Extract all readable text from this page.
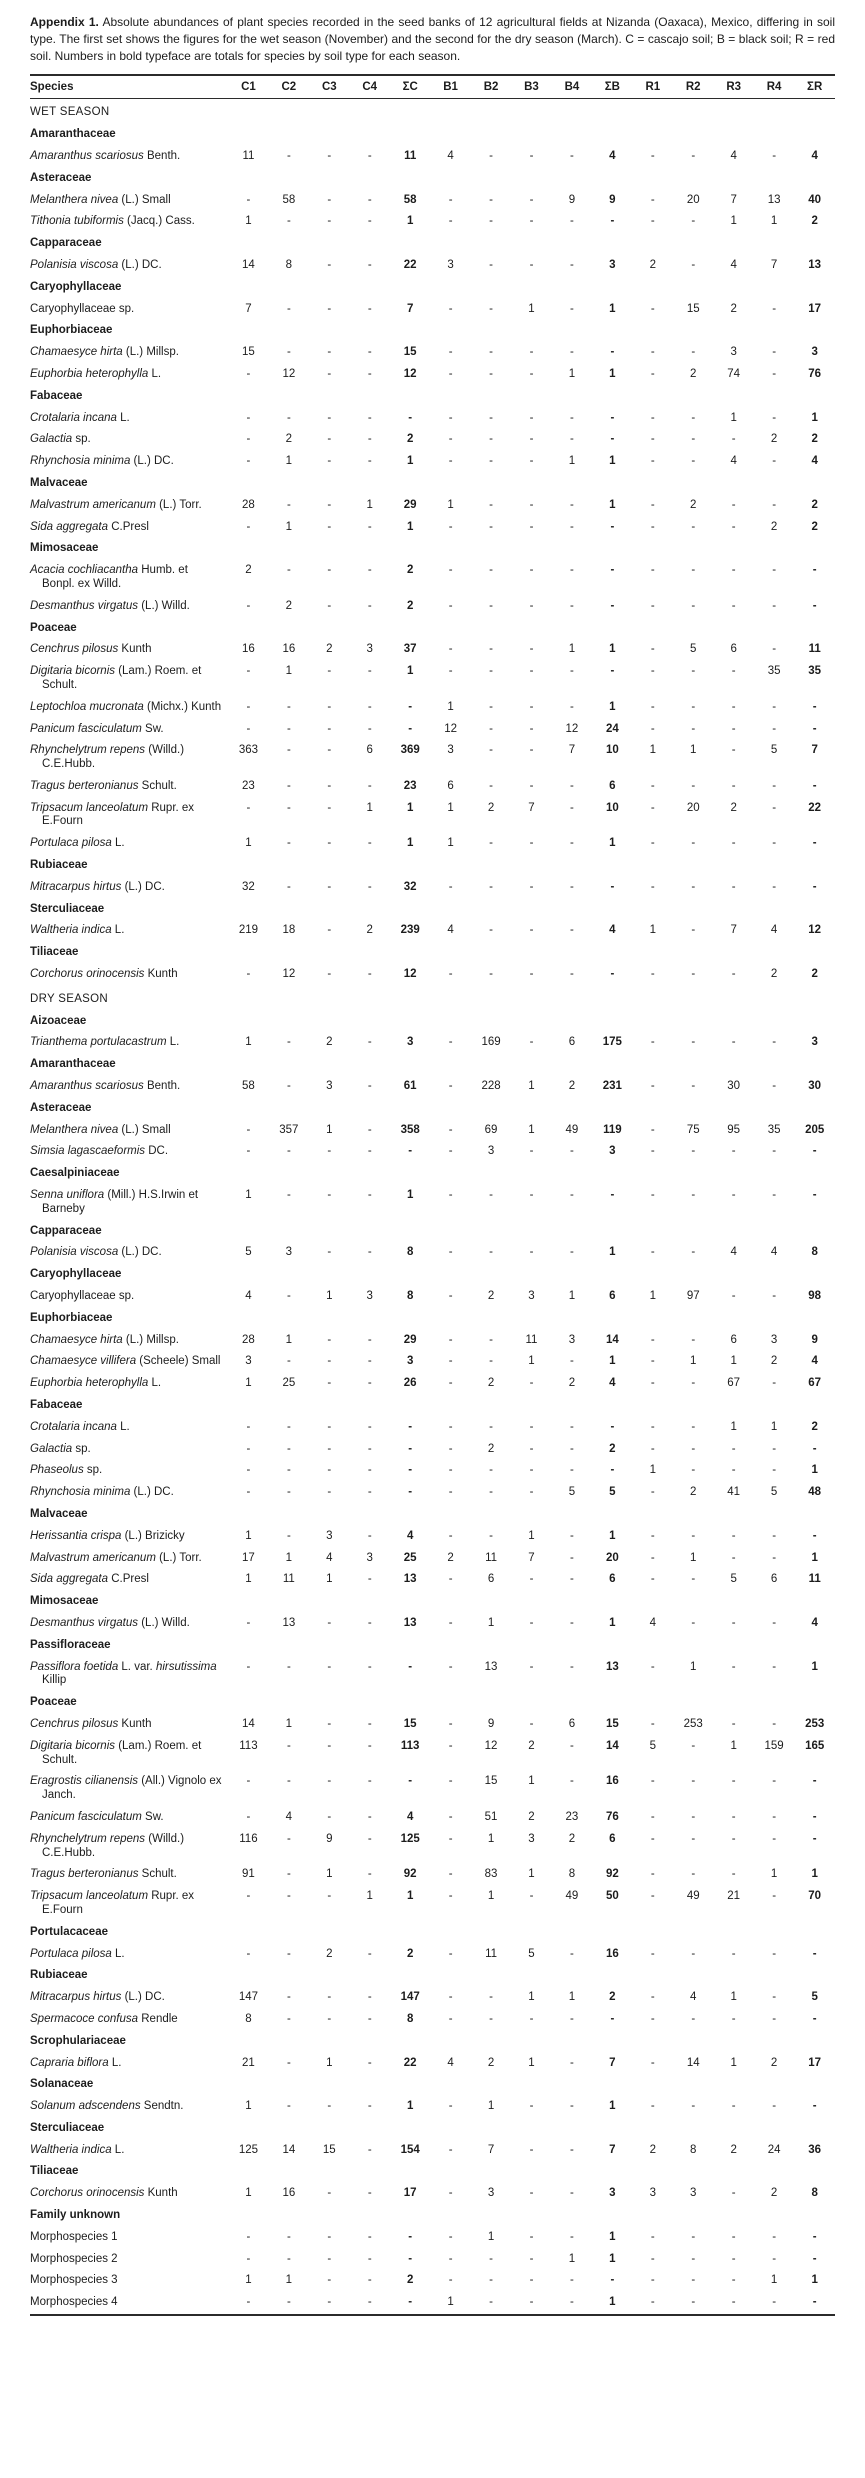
Appendix 1. Absolute abundances of plant species recorded in the seed banks of 12 agricultural fields at Nizanda (Oaxaca), Mexico, differing in soil type. The first set shows the figures for the wet season (November) and the second for the dry season (March). C = cascajo soil; B = black soil; R = red soil. Numbers in bold typeface are totals for species by soil type for each season.

Species	C1	C2	C3	C4	ΣC	B1	B2	B3	B4	ΣB	R1	R2	R3	R4	ΣR
WET SEASON															
Amaranthaceae															
Amaranthus scariosus Benth.	11	-	-	-	11	4	-	-	-	4	-	-	4	-	4
Asteraceae															
Melanthera nivea (L.) Small	-	58	-	-	58	-	-	-	9	9	-	20	7	13	40
Tithonia tubiformis (Jacq.) Cass.	1	-	-	-	1	-	-	-	-	-	-	-	1	1	2
Capparaceae															
Polanisia viscosa (L.) DC.	14	8	-	-	22	3	-	-	-	3	2	-	4	7	13
Caryophyllaceae															
Caryophyllaceae sp.	7	-	-	-	7	-	-	1	-	1	-	15	2	-	17
Euphorbiaceae															
Chamaesyce hirta (L.) Millsp.	15	-	-	-	15	-	-	-	-	-	-	-	3	-	3
Euphorbia heterophylla L.	-	12	-	-	12	-	-	-	1	1	-	2	74	-	76
Fabaceae															
Crotalaria incana L.	-	-	-	-	-	-	-	-	-	-	-	-	1	-	1
Galactia sp.	-	2	-	-	2	-	-	-	-	-	-	-	-	2	2
Rhynchosia minima (L.) DC.	-	1	-	-	1	-	-	-	1	1	-	-	4	-	4
Malvaceae															
Malvastrum americanum (L.) Torr.	28	-	-	1	29	1	-	-	-	1	-	2	-	-	2
Sida aggregata C.Presl	-	1	-	-	1	-	-	-	-	-	-	-	-	2	2
Mimosaceae															
Acacia cochliacantha Humb. et Bonpl. ex Willd.	2	-	-	-	2	-	-	-	-	-	-	-	-	-	-
Desmanthus virgatus (L.) Willd.	-	2	-	-	2	-	-	-	-	-	-	-	-	-	-
Poaceae															
Cenchrus pilosus Kunth	16	16	2	3	37	-	-	-	1	1	-	5	6	-	11
Digitaria bicornis (Lam.) Roem. et Schult.	-	1	-	-	1	-	-	-	-	-	-	-	-	35	35
Leptochloa mucronata (Michx.) Kunth	-	-	-	-	-	1	-	-	-	1	-	-	-	-	-
Panicum fasciculatum Sw.	-	-	-	-	-	12	-	-	12	24	-	-	-	-	-
Rhynchelytrum repens (Willd.) C.E.Hubb.	363	-	-	6	369	3	-	-	7	10	1	1	-	5	7
Tragus berteronianus Schult.	23	-	-	-	23	6	-	-	-	6	-	-	-	-	-
Tripsacum lanceolatum Rupr. ex E.Fourn	-	-	-	1	1	1	2	7	-	10	-	20	2	-	22
Portulaca pilosa L.	1	-	-	-	1	1	-	-	-	1	-	-	-	-	-
Rubiaceae															
Mitracarpus hirtus (L.) DC.	32	-	-	-	32	-	-	-	-	-	-	-	-	-	-
Sterculiaceae															
Waltheria indica L.	219	18	-	2	239	4	-	-	-	4	1	-	7	4	12
Tiliaceae															
Corchorus orinocensis Kunth	-	12	-	-	12	-	-	-	-	-	-	-	-	2	2
DRY SEASON															
Aizoaceae															
Trianthema portulacastrum L.	1	-	2	-	3	-	169	-	6	175	-	-	-	-	3
Amaranthaceae															
Amaranthus scariosus Benth.	58	-	3	-	61	-	228	1	2	231	-	-	30	-	30
Asteraceae															
Melanthera nivea (L.) Small	-	357	1	-	358	-	69	1	49	119	-	75	95	35	205
Simsia lagascaeformis DC.	-	-	-	-	-	-	3	-	-	3	-	-	-	-	-
Caesalpiniaceae															
Senna uniflora (Mill.) H.S.Irwin et Barneby	1	-	-	-	1	-	-	-	-	-	-	-	-	-	-
Capparaceae															
Polanisia viscosa (L.) DC.	5	3	-	-	8	-	-	-	-	1	-	-	4	4	8
Caryophyllaceae															
Caryophyllaceae sp.	4	-	1	3	8	-	2	3	1	6	1	97	-	-	98
Euphorbiaceae															
Chamaesyce hirta (L.) Millsp.	28	1	-	-	29	-	-	11	3	14	-	-	6	3	9
Chamaesyce villifera (Scheele) Small	3	-	-	-	3	-	-	1	-	1	-	1	1	2	4
Euphorbia heterophylla L.	1	25	-	-	26	-	2	-	2	4	-	-	67	-	67
Fabaceae															
Crotalaria incana L.	-	-	-	-	-	-	-	-	-	-	-	-	1	1	2
Galactia sp.	-	-	-	-	-	-	2	-	-	2	-	-	-	-	-
Phaseolus sp.	-	-	-	-	-	-	-	-	-	-	1	-	-	-	1
Rhynchosia minima (L.) DC.	-	-	-	-	-	-	-	-	5	5	-	2	41	5	48
Malvaceae															
Herissantia crispa (L.) Brizicky	1	-	3	-	4	-	-	1	-	1	-	-	-	-	-
Malvastrum americanum (L.) Torr.	17	1	4	3	25	2	11	7	-	20	-	1	-	-	1
Sida aggregata C.Presl	1	11	1	-	13	-	6	-	-	6	-	-	5	6	11
Mimosaceae															
Desmanthus virgatus (L.) Willd.	-	13	-	-	13	-	1	-	-	1	4	-	-	-	4
Passifloraceae															
Passiflora foetida L. var. hirsutissima Killip	-	-	-	-	-	-	13	-	-	13	-	1	-	-	1
Poaceae															
Cenchrus pilosus Kunth	14	1	-	-	15	-	9	-	6	15	-	253	-	-	253
Digitaria bicornis (Lam.) Roem. et Schult.	113	-	-	-	113	-	12	2	-	14	5	-	1	159	165
Eragrostis cilianensis (All.) Vignolo ex Janch.	-	-	-	-	-	-	15	1	-	16	-	-	-	-	-
Panicum fasciculatum Sw.	-	4	-	-	4	-	51	2	23	76	-	-	-	-	-
Rhynchelytrum repens (Willd.) C.E.Hubb.	116	-	9	-	125	-	1	3	2	6	-	-	-	-	-
Tragus berteronianus Schult.	91	-	1	-	92	-	83	1	8	92	-	-	-	1	1
Tripsacum lanceolatum Rupr. ex E.Fourn	-	-	-	1	1	-	1	-	49	50	-	49	21	-	70
Portulacaceae															
Portulaca pilosa L.	-	-	2	-	2	-	11	5	-	16	-	-	-	-	-
Rubiaceae															
Mitracarpus hirtus (L.) DC.	147	-	-	-	147	-	-	1	1	2	-	4	1	-	5
Spermacoce confusa Rendle	8	-	-	-	8	-	-	-	-	-	-	-	-	-	-
Scrophulariaceae															
Capraria biflora L.	21	-	1	-	22	4	2	1	-	7	-	14	1	2	17
Solanaceae															
Solanum adscendens Sendtn.	1	-	-	-	1	-	1	-	-	1	-	-	-	-	-
Sterculiaceae															
Waltheria indica L.	125	14	15	-	154	-	7	-	-	7	2	8	2	24	36
Tiliaceae															
Corchorus orinocensis Kunth	1	16	-	-	17	-	3	-	-	3	3	3	-	2	8
Family unknown															
Morphospecies 1	-	-	-	-	-	-	1	-	-	1	-	-	-	-	-
Morphospecies 2	-	-	-	-	-	-	-	-	1	1	-	-	-	-	-
Morphospecies 3	1	1	-	-	2	-	-	-	-	-	-	-	-	1	1
Morphospecies 4	-	-	-	-	-	1	-	-	-	1	-	-	-	-	-
